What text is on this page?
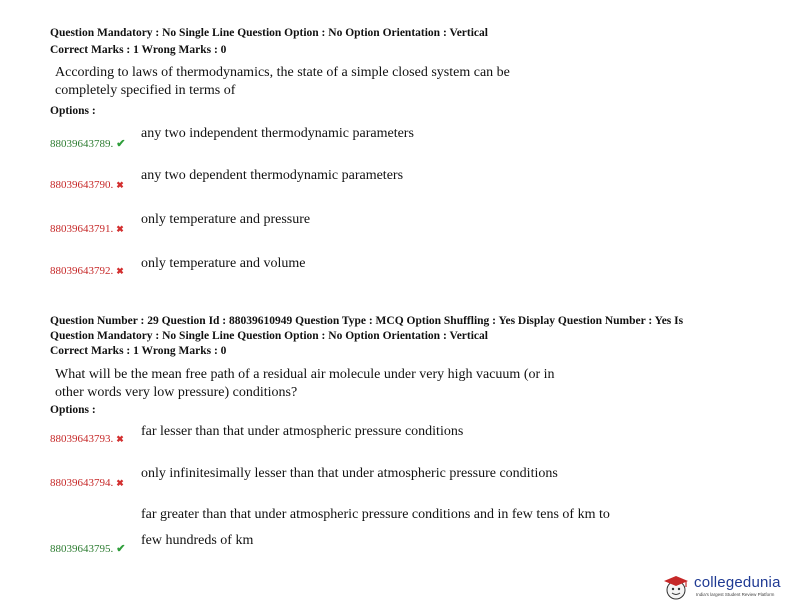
Question Mandatory : No Single Line Question Option : No Option Orientation : Vertical
Correct Marks : 1 Wrong Marks : 0
According to laws of thermodynamics, the state of a simple closed system can be
completely specified in terms of
Options :
88039643789. ✔
any two independent thermodynamic parameters
88039643790. ✖
any two dependent thermodynamic parameters
88039643791. ✖
only temperature and pressure
88039643792. ✖ only temperature and volume
Question Number : 29 Question Id : 88039610949 Question Type : MCQ Option Shuffling : Yes Display Question Number : Yes Is
Question Mandatory : No Single Line Question Option : No Option Orientation : Vertical
Correct Marks : 1 Wrong Marks : 0
What will be the mean free path of a residual air molecule under very high vacuum (or in
other words very low pressure) conditions?
Options :
88039643793. ✖ far lesser than that under atmospheric pressure conditions
88039643794. ✖
only infinitesimally lesser than that under atmospheric pressure conditions
far greater than that under atmospheric pressure conditions and in few tens of km to
88039643795. ✔
few hundreds of km
collegedunia
India's largest Student Review Platform
